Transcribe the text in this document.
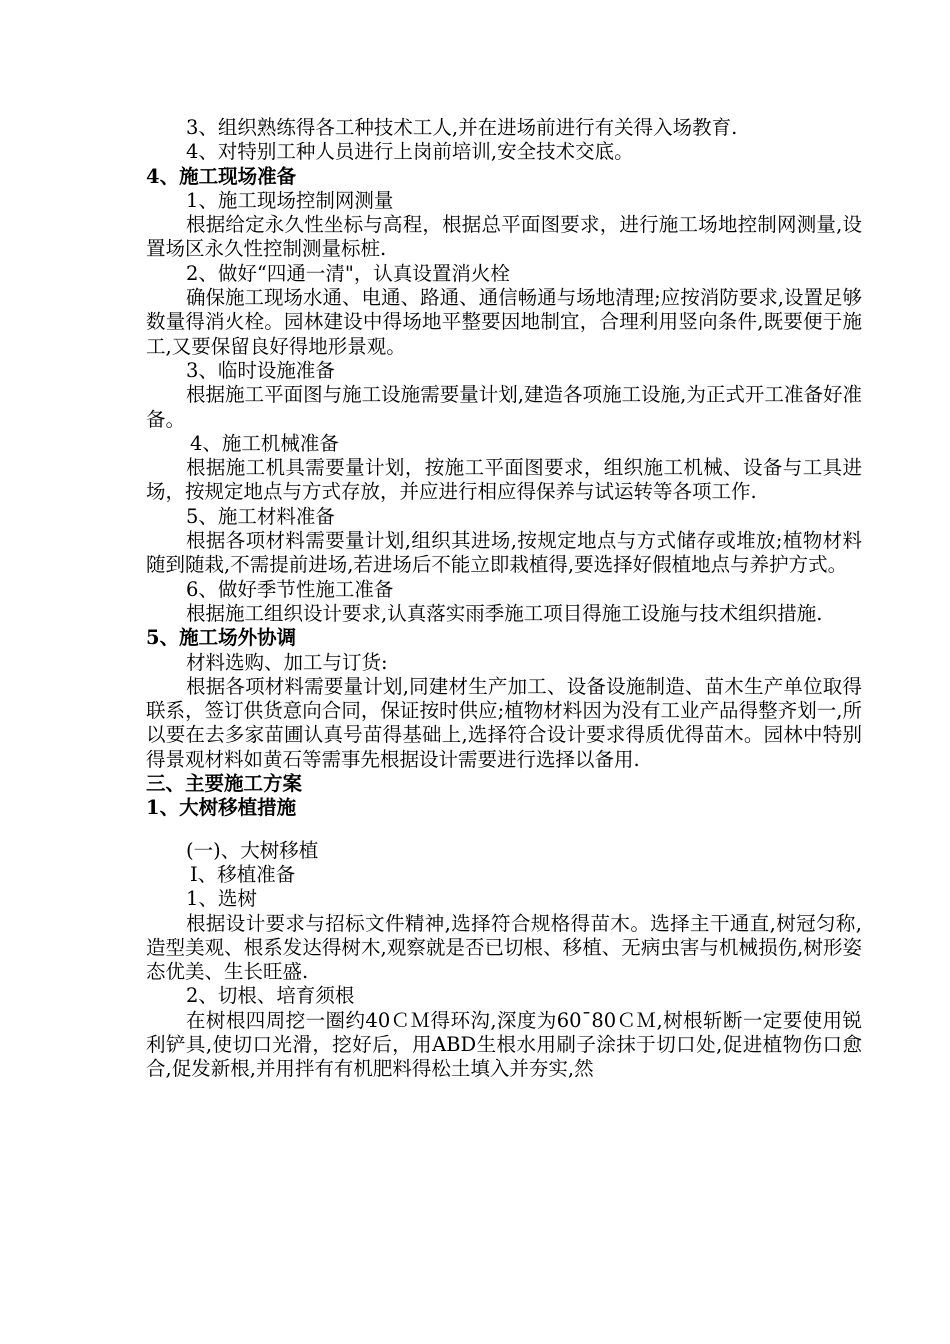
3、组织熟练得各工种技术工人,并在进场前进行有关得入场教育.
4、对特别工种人员进行上岗前培训,安全技术交底。
4、施工现场准备
1、施工现场控制网测量
根据给定永久性坐标与高程，根据总平面图要求，进行施工场地控制网测量,设置场区永久性控制测量标桩.
2、做好“四通一清"，认真设置消火栓
确保施工现场水通、电通、路通、通信畅通与场地清理;应按消防要求,设置足够数量得消火栓。园林建设中得场地平整要因地制宜，合理利用竖向条件,既要便于施工,又要保留良好得地形景观。
3、临时设施准备
根据施工平面图与施工设施需要量计划,建造各项施工设施,为正式开工准备好准备。
4、施工机械准备
根据施工机具需要量计划，按施工平面图要求，组织施工机械、设备与工具进场，按规定地点与方式存放，并应进行相应得保养与试运转等各项工作.
5、施工材料准备
根据各项材料需要量计划,组织其进场,按规定地点与方式储存或堆放;植物材料随到随栽,不需提前进场,若进场后不能立即栽植得,要选择好假植地点与养护方式。
6、做好季节性施工准备
根据施工组织设计要求,认真落实雨季施工项目得施工设施与技术组织措施.
5、施工场外协调
材料选购、加工与订货:
根据各项材料需要量计划,同建材生产加工、设备设施制造、苗木生产单位取得联系，签订供货意向合同，保证按时供应;植物材料因为没有工业产品得整齐划一,所以要在去多家苗圃认真号苗得基础上,选择符合设计要求得质优得苗木。园林中特别得景观材料如黄石等需事先根据设计需要进行选择以备用.
三、主要施工方案
1、大树移植措施
(一)、大树移植
Ⅰ、移植准备
1、选树
根据设计要求与招标文件精神,选择符合规格得苗木。选择主干通直,树冠匀称,造型美观、根系发达得树木,观察就是否已切根、移植、无病虫害与机械损伤,树形姿态优美、生长旺盛.
2、切根、培育须根
在树根四周挖一圈约40ＣＭ得环沟,深度为60¯80ＣＭ,树根斩断一定要使用锐利铲具,使切口光滑，挖好后，用ABD生根水用刷子涂抹于切口处,促进植物伤口愈合,促发新根,并用拌有有机肥料得松土填入并夯实,然
